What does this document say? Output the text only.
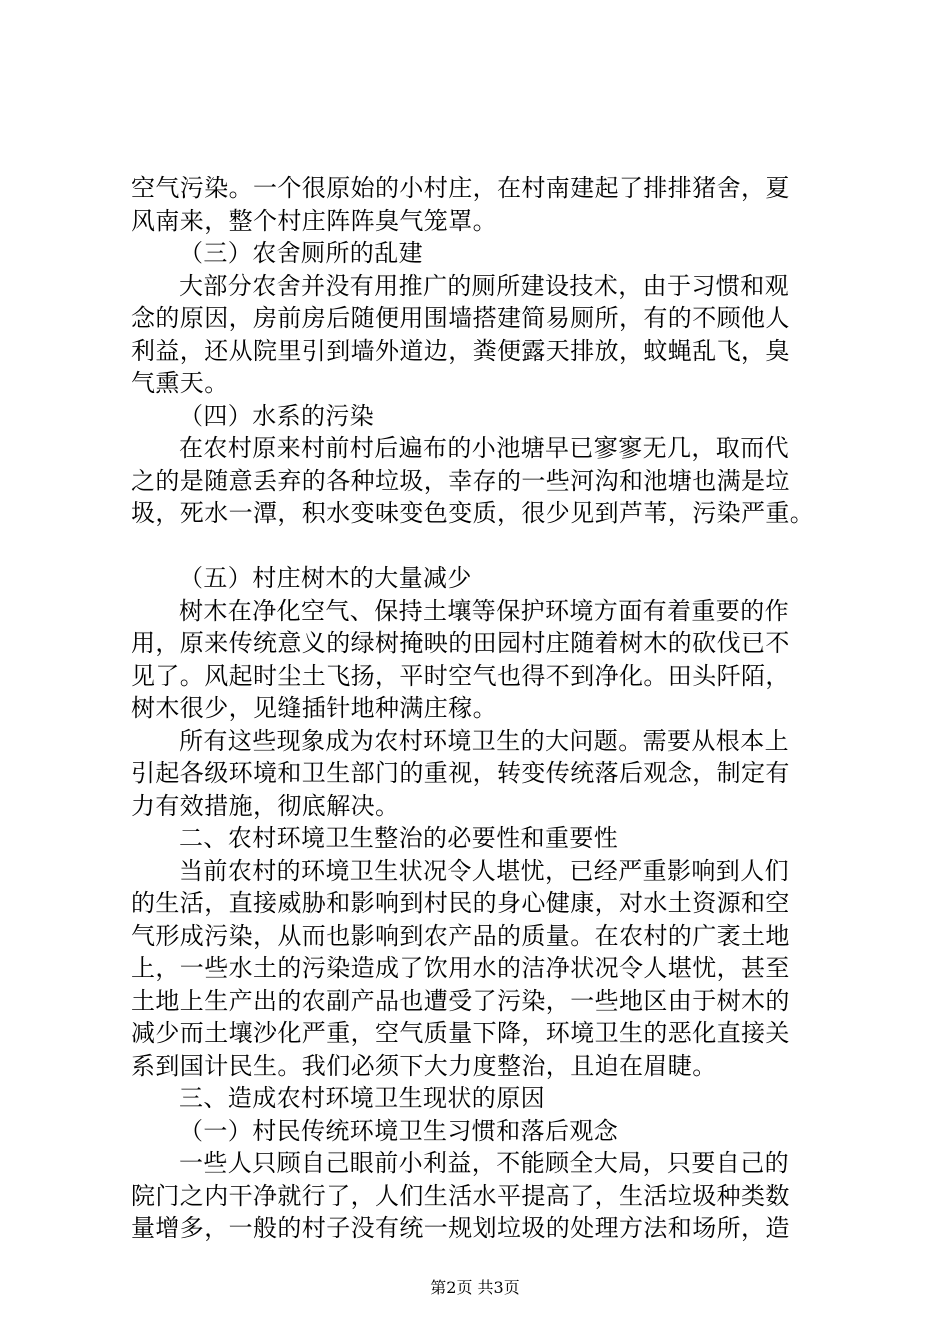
空气污染。一个很原始的小村庄，在村南建起了排排猪舍，夏
风南来，整个村庄阵阵臭气笼罩。
（三）农舍厕所的乱建
大部分农舍并没有用推广的厕所建设技术，由于习惯和观
念的原因，房前房后随便用围墙搭建简易厕所，有的不顾他人
利益，还从院里引到墙外道边，粪便露天排放，蚊蝇乱飞，臭
气熏天。
（四）水系的污染
在农村原来村前村后遍布的小池塘早已寥寥无几，取而代
之的是随意丢弃的各种垃圾，幸存的一些河沟和池塘也满是垃
圾，死水一潭，积水变味变色变质，很少见到芦苇，污染严重。
（五）村庄树木的大量减少
树木在净化空气、保持土壤等保护环境方面有着重要的作
用，原来传统意义的绿树掩映的田园村庄随着树木的砍伐已不
见了。风起时尘土飞扬，平时空气也得不到净化。田头阡陌，
树木很少，见缝插针地种满庄稼。
所有这些现象成为农村环境卫生的大问题。需要从根本上
引起各级环境和卫生部门的重视，转变传统落后观念，制定有
力有效措施，彻底解决。
二、农村环境卫生整治的必要性和重要性
当前农村的环境卫生状况令人堪忧，已经严重影响到人们
的生活，直接威胁和影响到村民的身心健康，对水土资源和空
气形成污染，从而也影响到农产品的质量。在农村的广袤土地
上，一些水土的污染造成了饮用水的洁净状况令人堪忧，甚至
土地上生产出的农副产品也遭受了污染，一些地区由于树木的
减少而土壤沙化严重，空气质量下降，环境卫生的恶化直接关
系到国计民生。我们必须下大力度整治，且迫在眉睫。
三、造成农村环境卫生现状的原因
（一）村民传统环境卫生习惯和落后观念
一些人只顾自己眼前小利益，不能顾全大局，只要自己的
院门之内干净就行了，人们生活水平提高了，生活垃圾种类数
量增多，一般的村子没有统一规划垃圾的处理方法和场所，造
第2页 共3页
